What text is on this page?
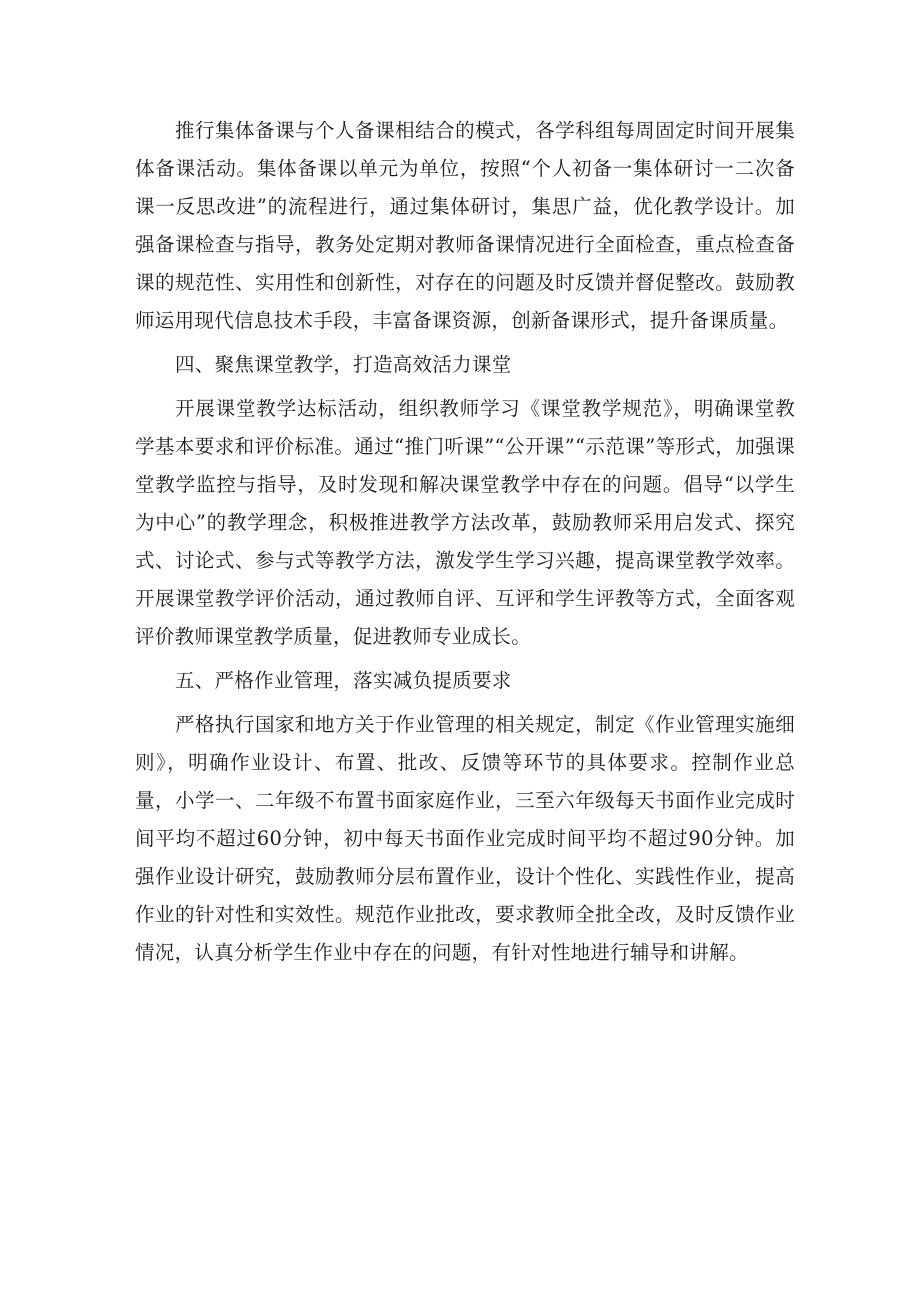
推行集体备课与个人备课相结合的模式，各学科组每周固定时间开展集体备课活动。集体备课以单元为单位，按照“个人初备一集体研讨一二次备课一反思改进”的流程进行，通过集体研讨，集思广益，优化教学设计。加强备课检查与指导，教务处定期对教师备课情况进行全面检查，重点检查备课的规范性、实用性和创新性，对存在的问题及时反馈并督促整改。鼓励教师运用现代信息技术手段，丰富备课资源，创新备课形式，提升备课质量。

四、聚焦课堂教学，打造高效活力课堂

开展课堂教学达标活动，组织教师学习《课堂教学规范》，明确课堂教学基本要求和评价标准。通过“推门听课”“公开课”“示范课”等形式，加强课堂教学监控与指导，及时发现和解决课堂教学中存在的问题。倡导“以学生为中心”的教学理念，积极推进教学方法改革，鼓励教师采用启发式、探究式、讨论式、参与式等教学方法，激发学生学习兴趣，提高课堂教学效率。开展课堂教学评价活动，通过教师自评、互评和学生评教等方式，全面客观评价教师课堂教学质量，促进教师专业成长。

五、严格作业管理，落实减负提质要求

严格执行国家和地方关于作业管理的相关规定，制定《作业管理实施细则》，明确作业设计、布置、批改、反馈等环节的具体要求。控制作业总量，小学一、二年级不布置书面家庭作业，三至六年级每天书面作业完成时间平均不超过60分钟，初中每天书面作业完成时间平均不超过90分钟。加强作业设计研究，鼓励教师分层布置作业，设计个性化、实践性作业，提高作业的针对性和实效性。规范作业批改，要求教师全批全改，及时反馈作业情况，认真分析学生作业中存在的问题，有针对性地进行辅导和讲解。
